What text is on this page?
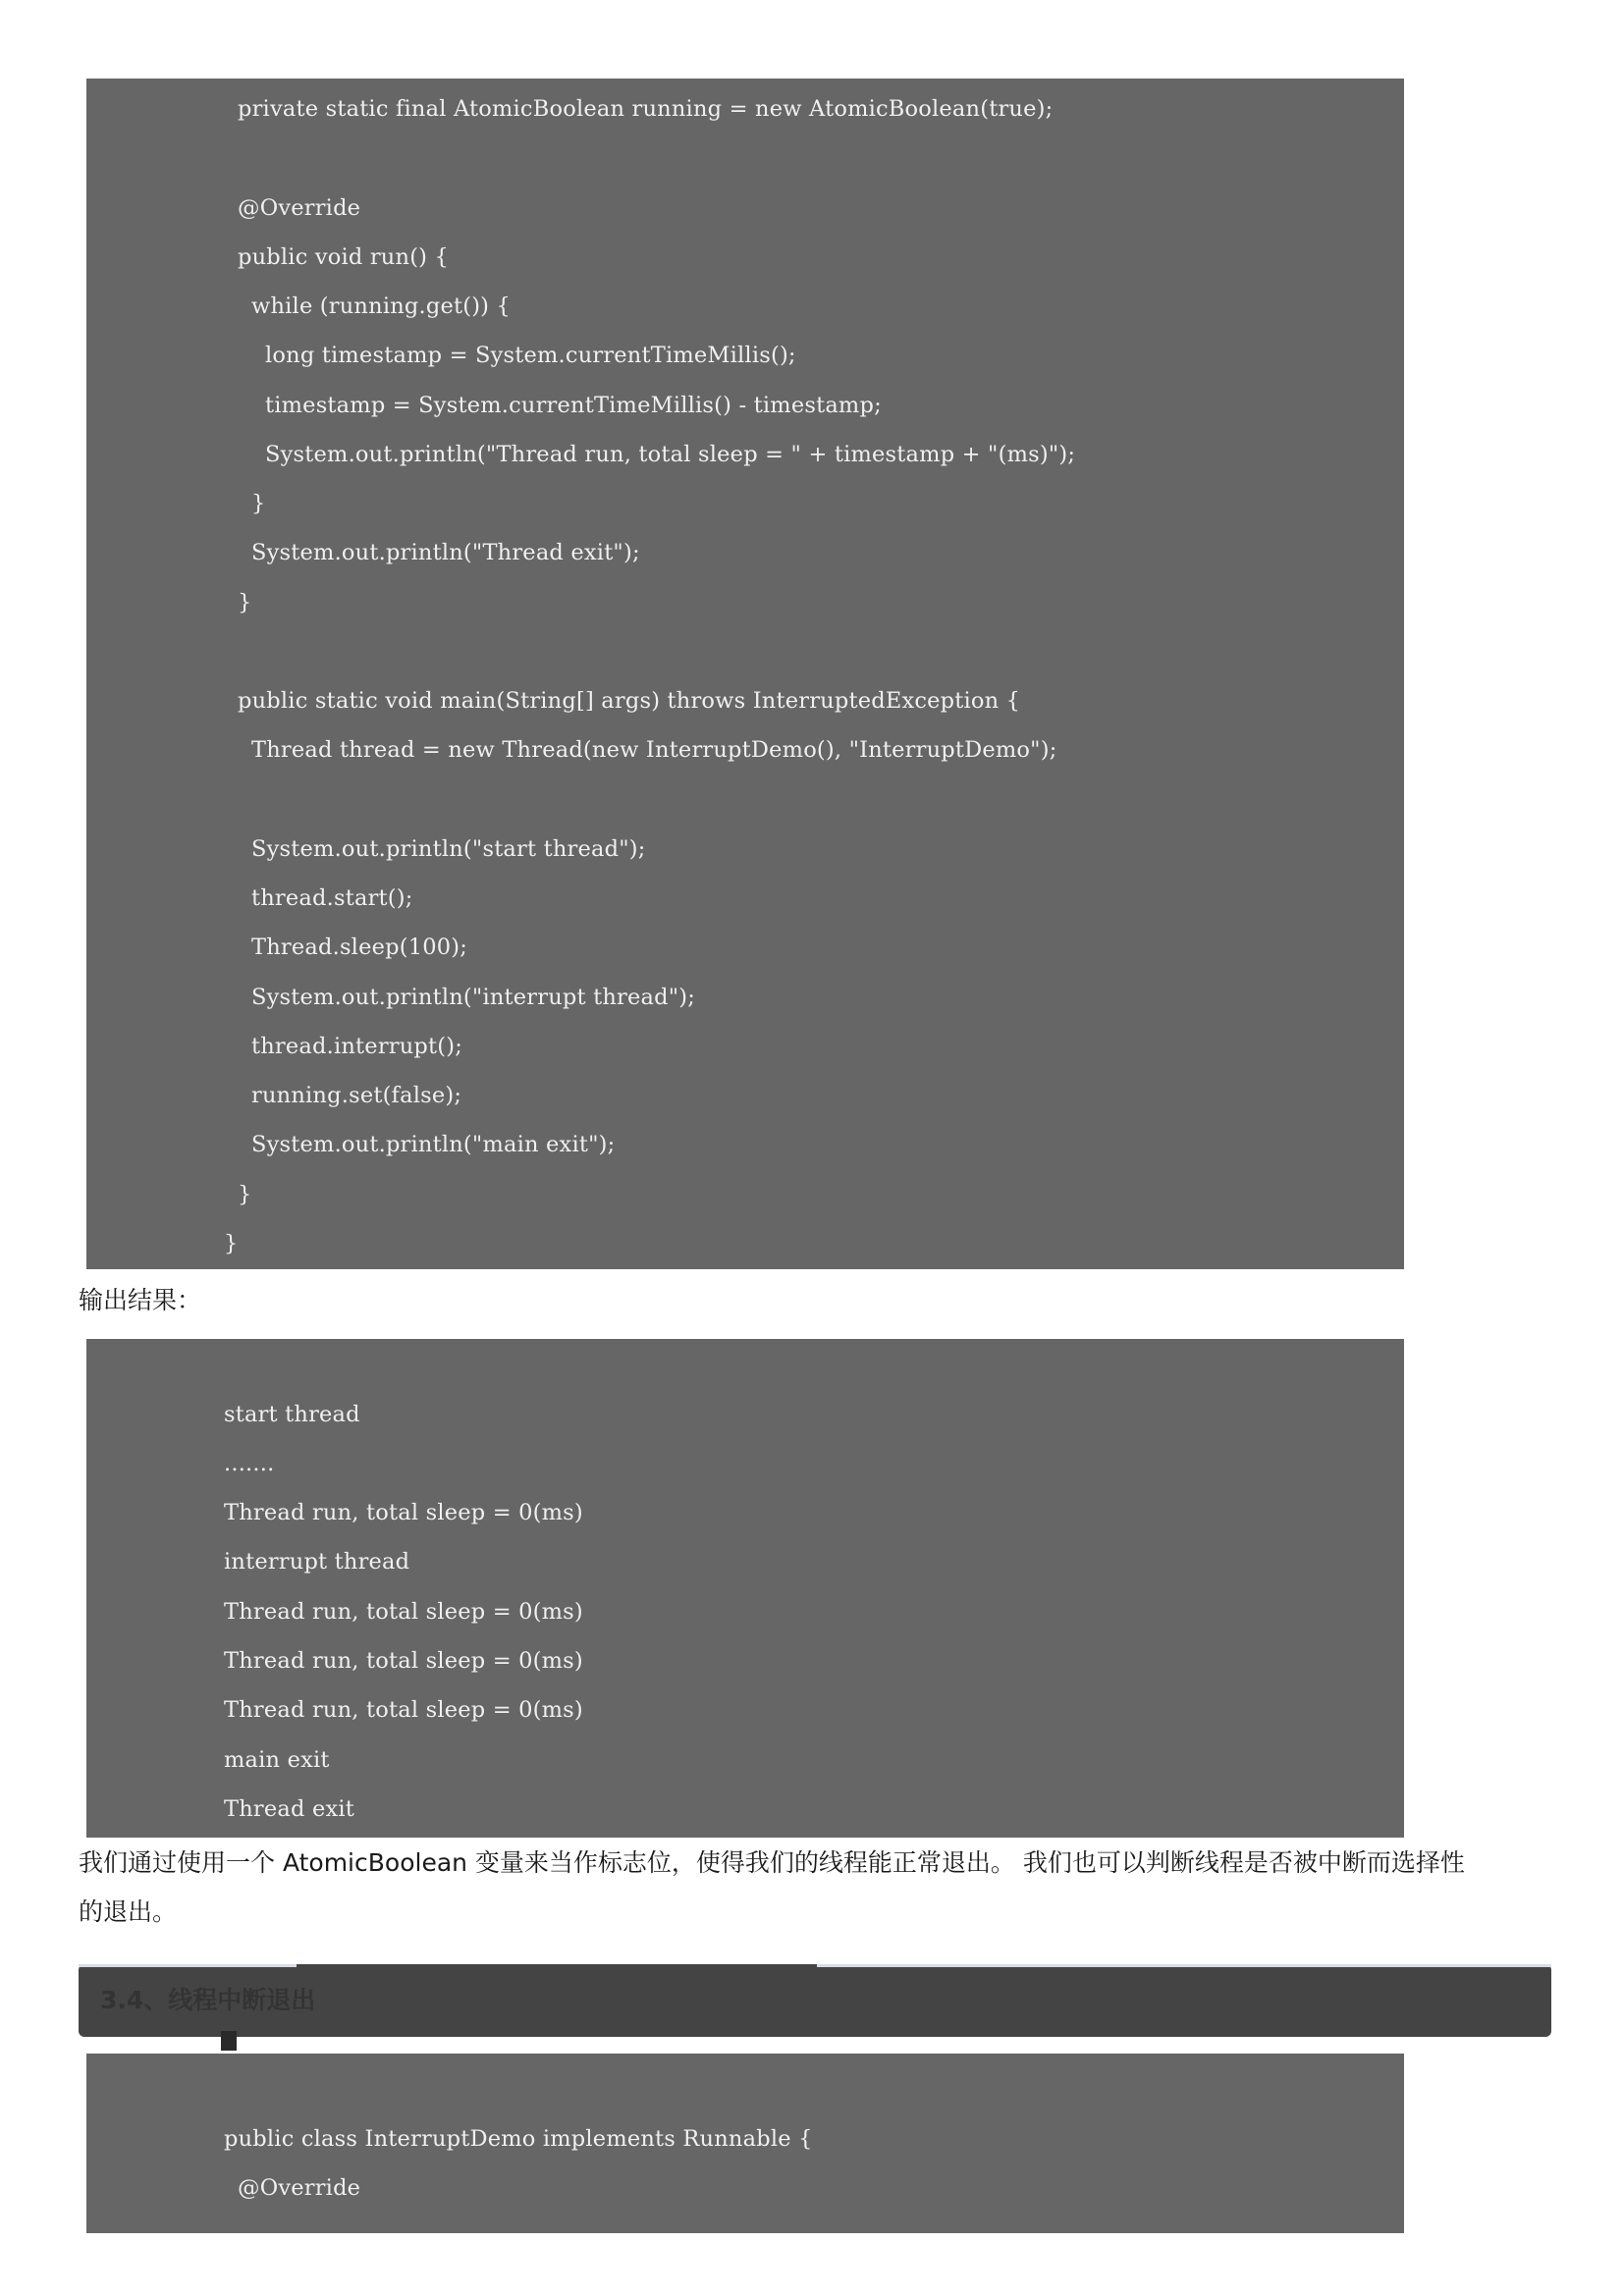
private static final AtomicBoolean running = new AtomicBoolean(true);
@Override
public void run() {
while (running.get()) {
long timestamp = System.currentTimeMillis();
timestamp = System.currentTimeMillis() - timestamp;
System.out.println("Thread run, total sleep = " + timestamp + "(ms)");
}
System.out.println("Thread exit");
}
public static void main(String[] args) throws InterruptedException {
Thread thread = new Thread(new InterruptDemo(), "InterruptDemo");
System.out.println("start thread");
thread.start();
Thread.sleep(100);
System.out.println("interrupt thread");
thread.interrupt();
running.set(false);
System.out.println("main exit");
}
}
输出结果：
start thread
.......
Thread run, total sleep = 0(ms)
interrupt thread
Thread run, total sleep = 0(ms)
Thread run, total sleep = 0(ms)
Thread run, total sleep = 0(ms)
main exit
Thread exit
我们通过使用一个 AtomicBoolean 变量来当作标志位，使得我们的线程能正常退出。 我们也可以判断线程是否被中断而选择性
的退出。
3.4、线程中断退出
public class InterruptDemo implements Runnable {
@Override
